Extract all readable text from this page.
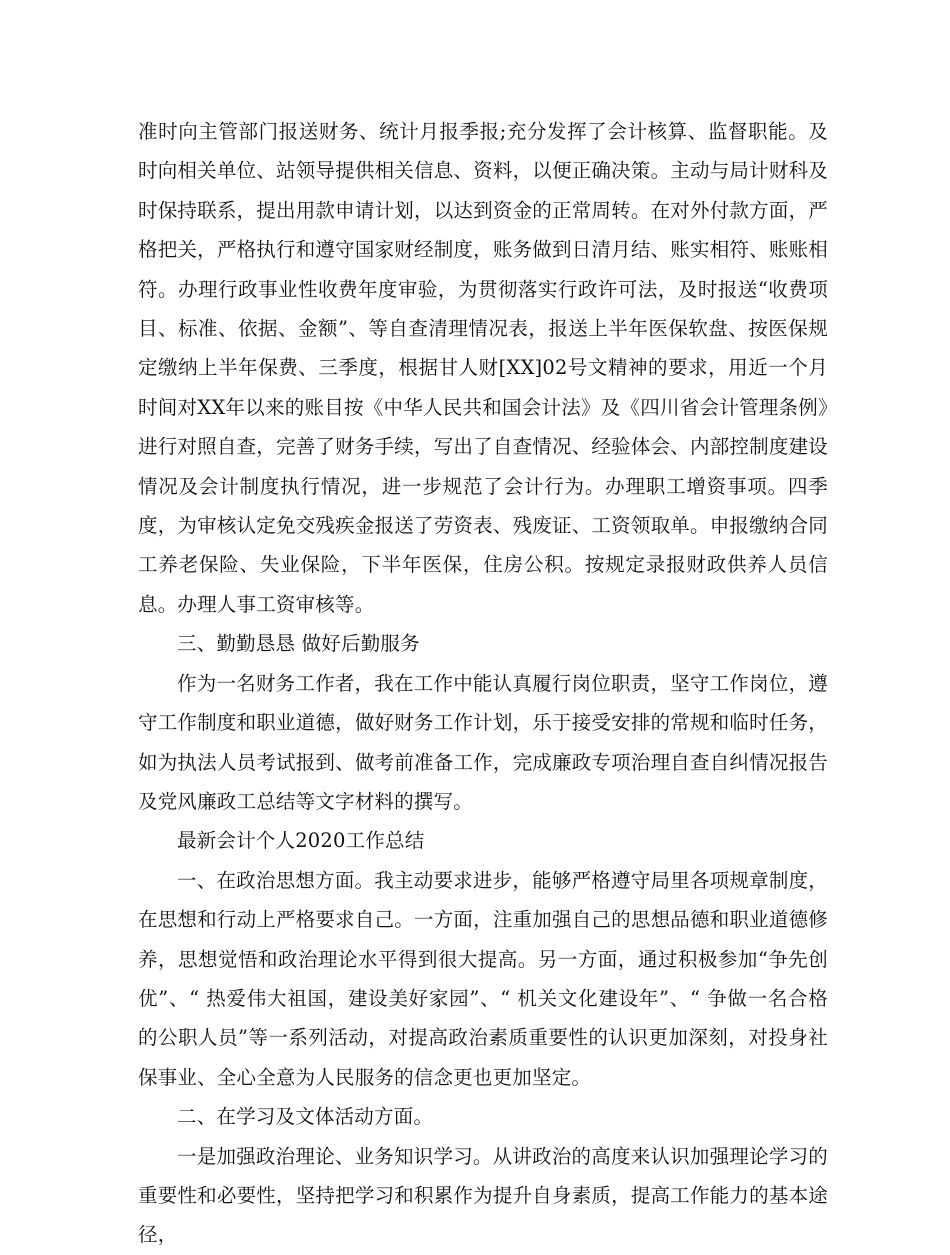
准时向主管部门报送财务、统计月报季报;充分发挥了会计核算、监督职能。及时向相关单位、站领导提供相关信息、资料，以便正确决策。主动与局计财科及时保持联系，提出用款申请计划，以达到资金的正常周转。在对外付款方面，严格把关，严格执行和遵守国家财经制度，账务做到日清月结、账实相符、账账相符。办理行政事业性收费年度审验，为贯彻落实行政许可法，及时报送“收费项目、标准、依据、金额”、等自查清理情况表，报送上半年医保软盘、按医保规定缴纳上半年保费、三季度，根据甘人财[XX]02号文精神的要求，用近一个月时间对XX年以来的账目按《中华人民共和国会计法》及《四川省会计管理条例》进行对照自查，完善了财务手续，写出了自查情况、经验体会、内部控制度建设情况及会计制度执行情况，进一步规范了会计行为。办理职工增资事项。四季度，为审核认定免交残疾金报送了劳资表、残废证、工资领取单。申报缴纳合同工养老保险、失业保险，下半年医保，住房公积。按规定录报财政供养人员信息。办理人事工资审核等。

三、勤勤恳恳 做好后勤服务

作为一名财务工作者，我在工作中能认真履行岗位职责，坚守工作岗位，遵守工作制度和职业道德，做好财务工作计划，乐于接受安排的常规和临时任务，如为执法人员考试报到、做考前准备工作，完成廉政专项治理自查自纠情况报告及党风廉政工总结等文字材料的撰写。

最新会计个人2020工作总结

一、在政治思想方面。我主动要求进步，能够严格遵守局里各项规章制度，在思想和行动上严格要求自己。一方面，注重加强自己的思想品德和职业道德修养，思想觉悟和政治理论水平得到很大提高。另一方面，通过积极参加“争先创优”、“ 热爱伟大祖国，建设美好家园”、“ 机关文化建设年”、“ 争做一名合格的公职人员”等一系列活动，对提高政治素质重要性的认识更加深刻，对投身社保事业、全心全意为人民服务的信念更也更加坚定。

二、在学习及文体活动方面。

一是加强政治理论、业务知识学习。从讲政治的高度来认识加强理论学习的重要性和必要性，坚持把学习和积累作为提升自身素质，提高工作能力的基本途径，
